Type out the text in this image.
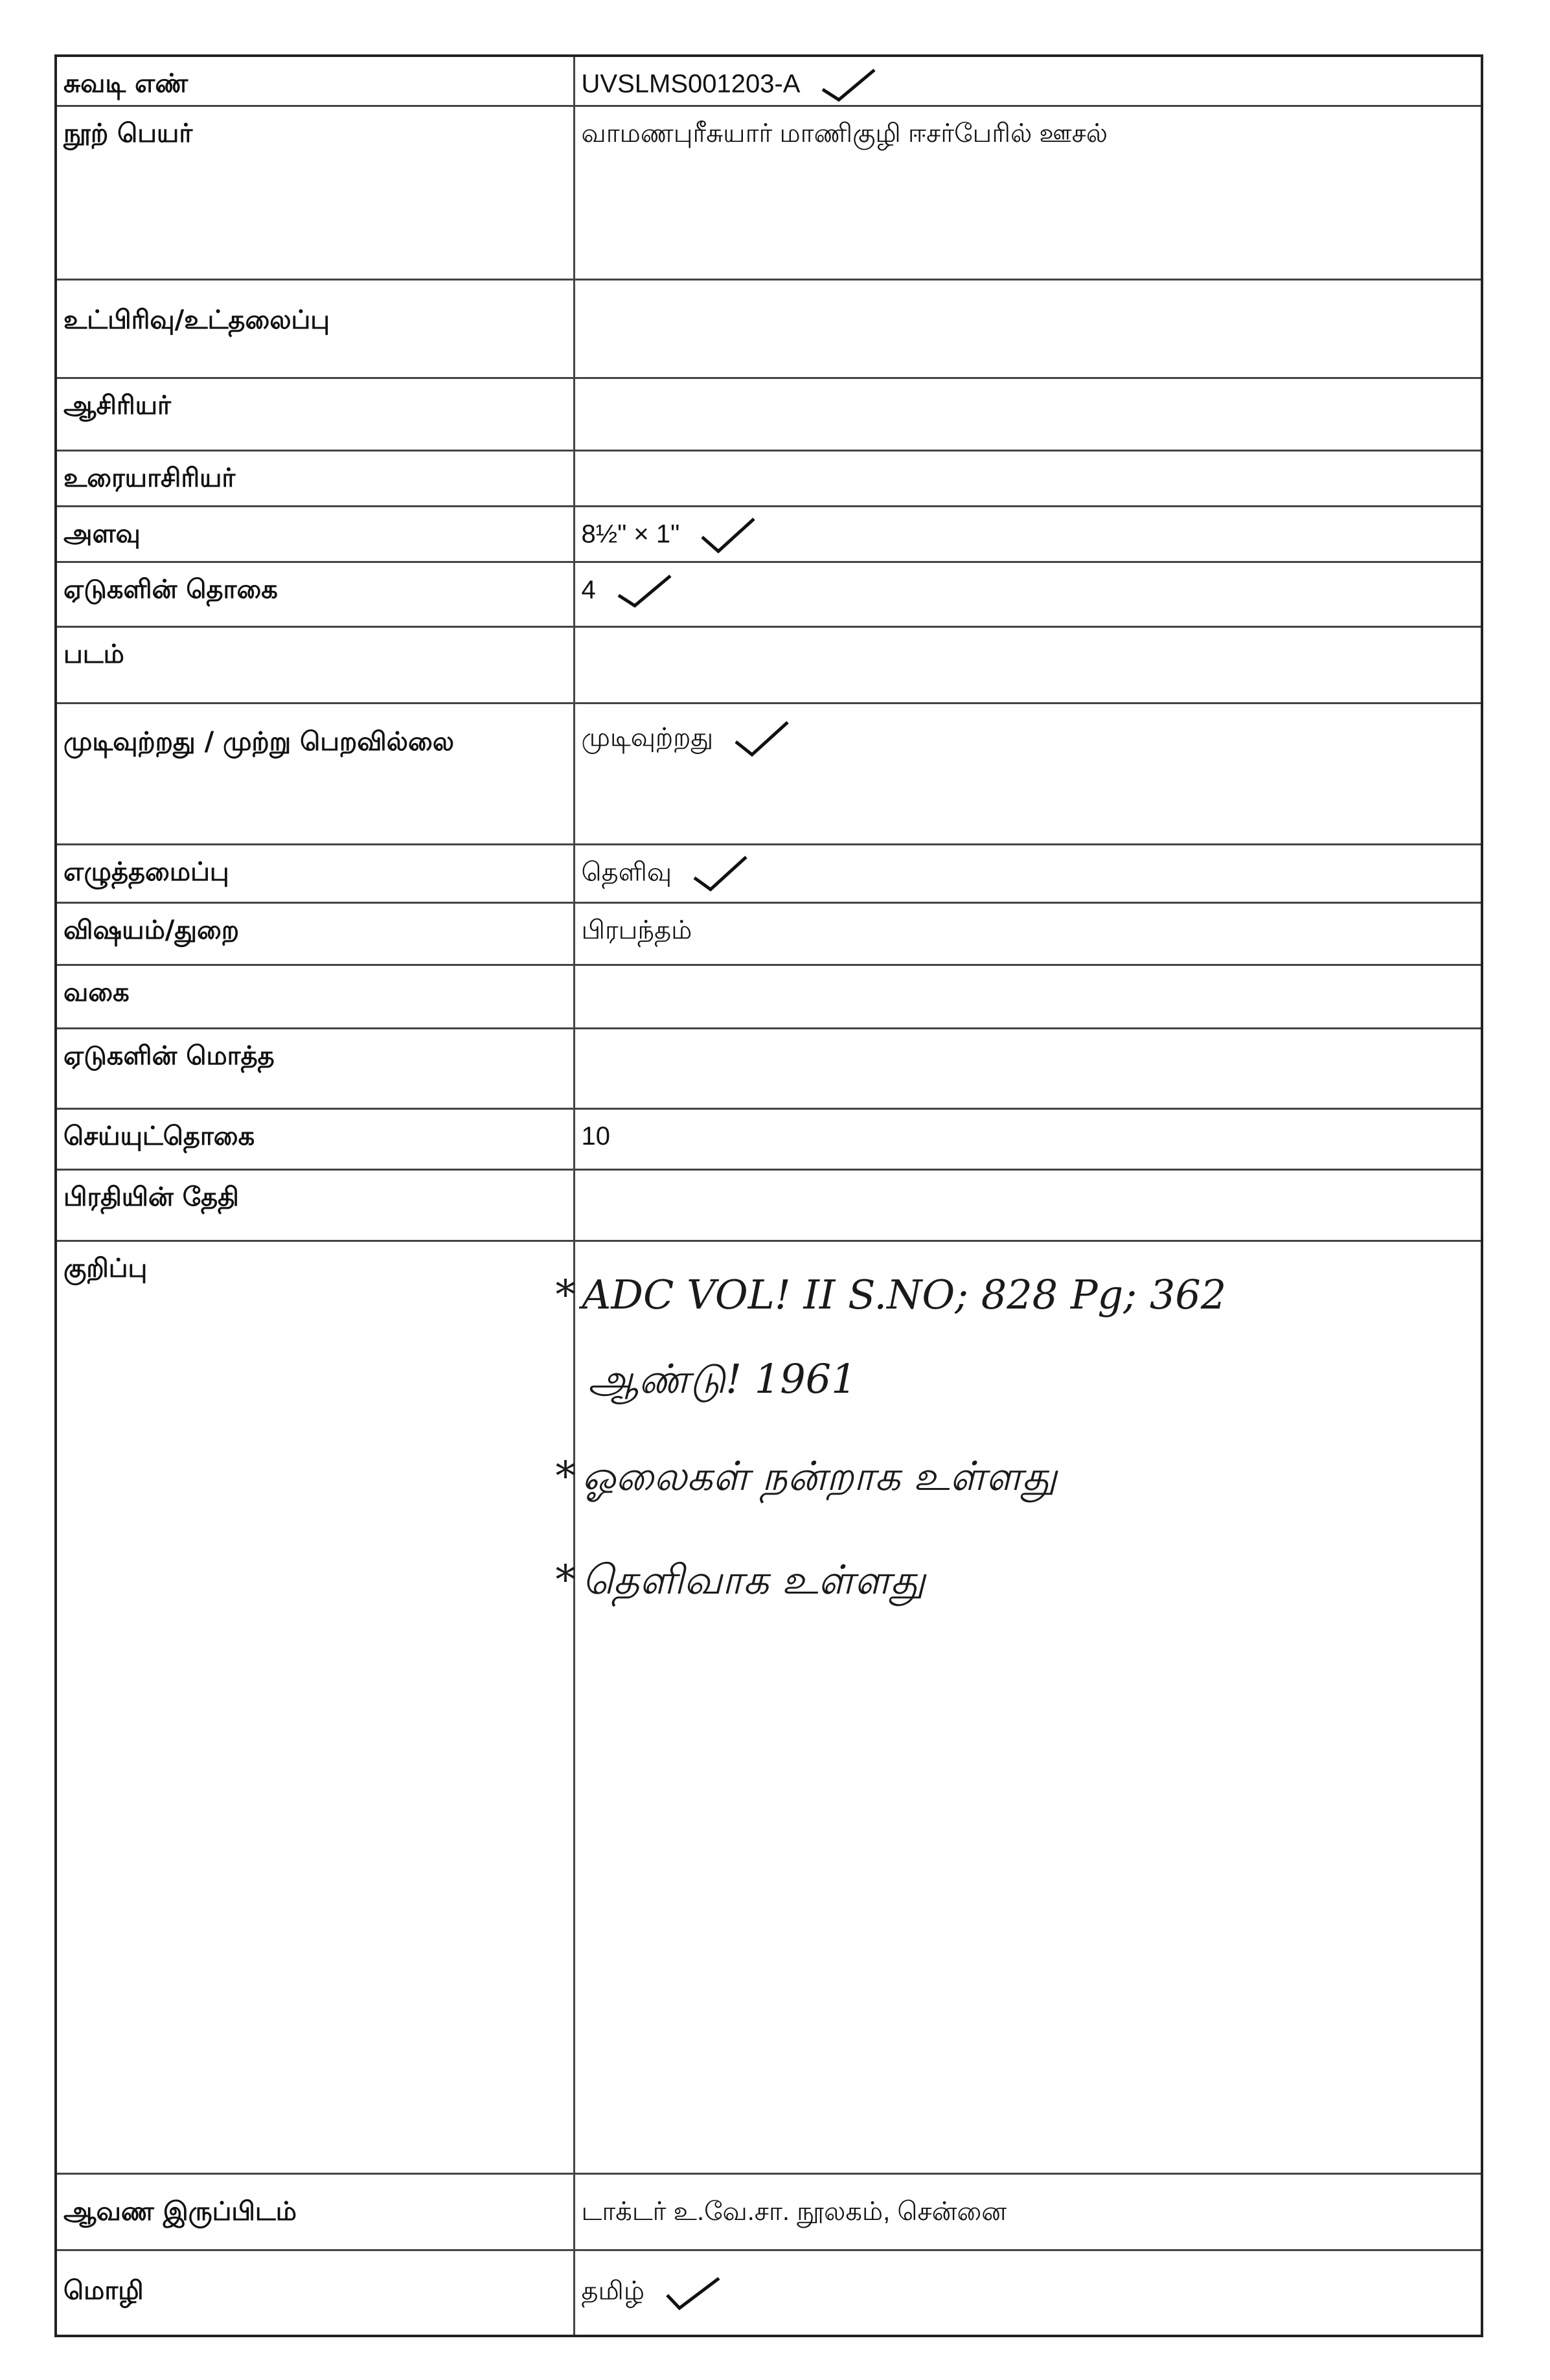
சுவடி எண்	UVSLMS001203-A
நூற் பெயர்	வாமணபுரீசுயார் மாணிகுழி ஈசர்பேரில் ஊசல்
உட்பிரிவு/உட்தலைப்பு	
ஆசிரியர்	
உரையாசிரியர்	
அளவு	8½" × 1"
ஏடுகளின் தொகை	4
படம்	
முடிவுற்றது / முற்று பெறவில்லை	முடிவுற்றது
எழுத்தமைப்பு	தெளிவு
விஷயம்/துறை	பிரபந்தம்
வகை	
ஏடுகளின் மொத்த	
செய்யுட்தொகை	10
பிரதியின் தேதி	
குறிப்பு	* ADC VOL! II S.NO; 828 Pg; 362
ஆண்டு! 1961
* ஓலைகள் நன்றாக உள்ளது
* தெளிவாக உள்ளது

ஆவண இருப்பிடம்	டாக்டர் உ.வே.சா. நூலகம், சென்னை
மொழி	தமிழ்
